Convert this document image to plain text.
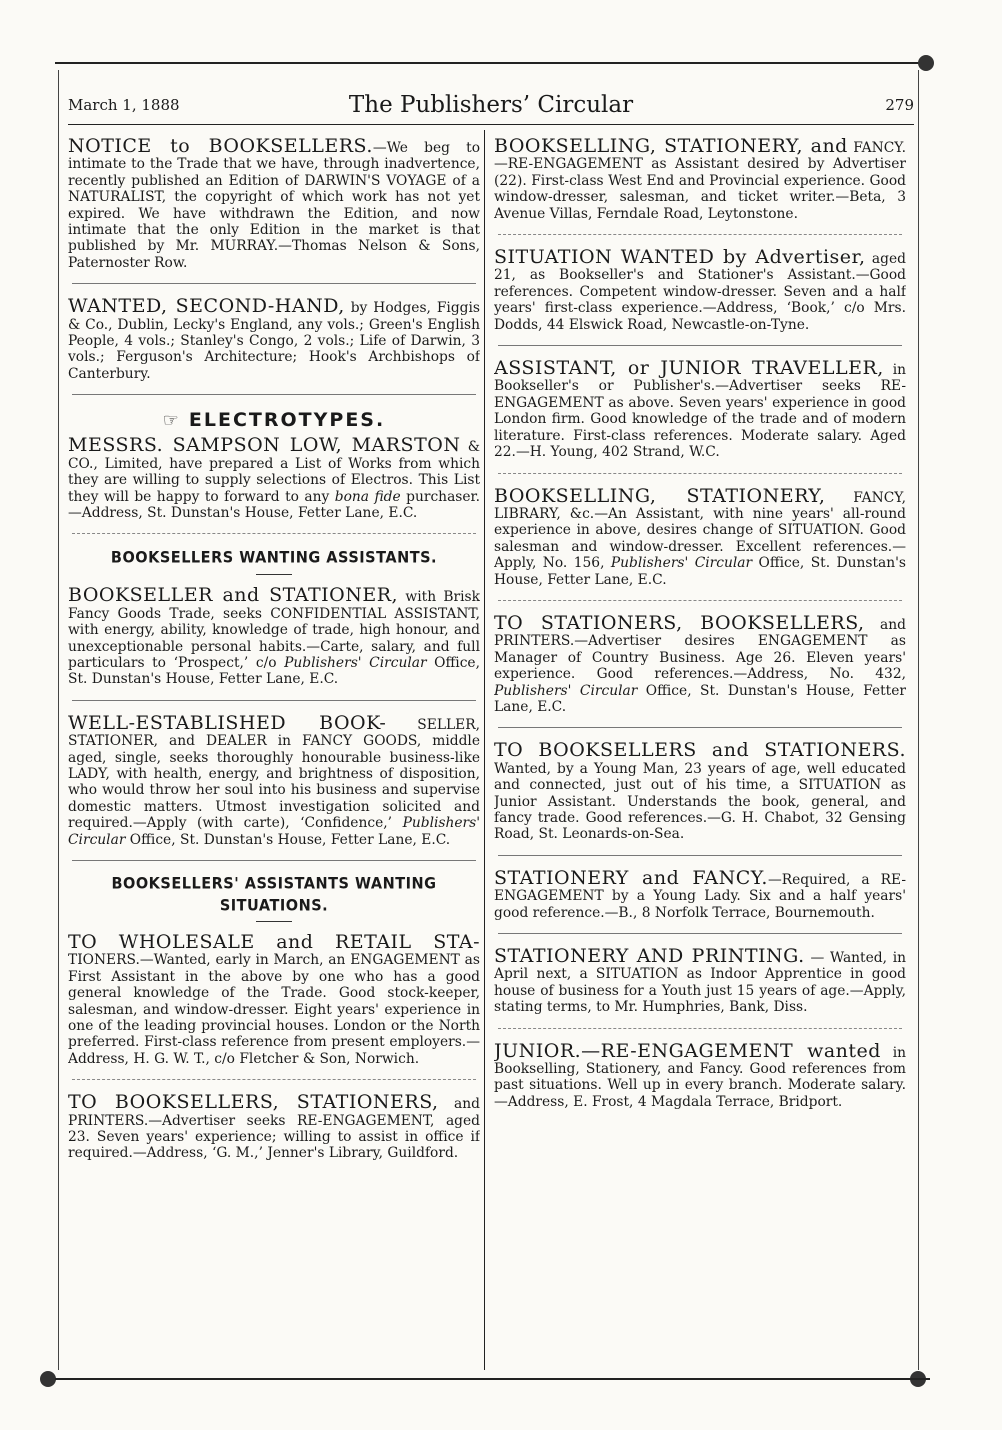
March 1, 1888	The Publishers’ Circular	279

NOTICE to BOOKSELLERS.—We beg to intimate to the Trade that we have, through inadvertence, recently published an Edition of DARWIN'S VOYAGE of a NATURALIST, the copyright of which work has not yet expired. We have withdrawn the Edition, and now intimate that the only Edition in the market is that published by Mr. MURRAY.—Thomas Nelson & Sons, Paternoster Row.

WANTED, SECOND-HAND, by Hodges, Figgis & Co., Dublin, Lecky's England, any vols.; Green's English People, 4 vols.; Stanley's Congo, 2 vols.; Life of Darwin, 3 vols.; Ferguson's Architecture; Hook's Archbishops of Canterbury.

☞ ELECTROTYPES.

MESSRS. SAMPSON LOW, MARSTON & CO., Limited, have prepared a List of Works from which they are willing to supply selections of Electros. This List they will be happy to forward to any bona fide purchaser.—Address, St. Dunstan's House, Fetter Lane, E.C.

BOOKSELLERS WANTING ASSISTANTS.

BOOKSELLER and STATIONER, with Brisk Fancy Goods Trade, seeks CONFIDENTIAL ASSISTANT, with energy, ability, knowledge of trade, high honour, and unexceptionable personal habits.—Carte, salary, and full particulars to ‘Prospect,’ c/o Publishers' Circular Office, St. Dunstan's House, Fetter Lane, E.C.

WELL-ESTABLISHED BOOK- SELLER, STATIONER, and DEALER in FANCY GOODS, middle aged, single, seeks thoroughly honourable business-like LADY, with health, energy, and brightness of disposition, who would throw her soul into his business and supervise domestic matters. Utmost investigation solicited and required.—Apply (with carte), ‘Confidence,’ Publishers' Circular Office, St. Dunstan's House, Fetter Lane, E.C.

BOOKSELLERS' ASSISTANTS WANTING
SITUATIONS.

TO WHOLESALE and RETAIL STA- TIONERS.—Wanted, early in March, an ENGAGEMENT as First Assistant in the above by one who has a good general knowledge of the Trade. Good stock-keeper, salesman, and window-dresser. Eight years' experience in one of the leading provincial houses. London or the North preferred. First-class reference from present employers.—Address, H. G. W. T., c/o Fletcher & Son, Norwich.

TO BOOKSELLERS, STATIONERS, and PRINTERS.—Advertiser seeks RE-ENGAGEMENT, aged 23. Seven years' experience; willing to assist in office if required.—Address, ‘G. M.,’ Jenner's Library, Guildford.

BOOKSELLING, STATIONERY, and FANCY.—RE-ENGAGEMENT as Assistant desired by Advertiser (22). First-class West End and Provincial experience. Good window-dresser, salesman, and ticket writer.—Beta, 3 Avenue Villas, Ferndale Road, Leytonstone.

SITUATION WANTED by Advertiser, aged 21, as Bookseller's and Stationer's Assistant.—Good references. Competent window-dresser. Seven and a half years' first-class experience.—Address, ‘Book,’ c/o Mrs. Dodds, 44 Elswick Road, Newcastle-on-Tyne.

ASSISTANT, or JUNIOR TRAVELLER, in Bookseller's or Publisher's.—Advertiser seeks RE-ENGAGEMENT as above. Seven years' experience in good London firm. Good knowledge of the trade and of modern literature. First-class references. Moderate salary. Aged 22.—H. Young, 402 Strand, W.C.

BOOKSELLING, STATIONERY, FANCY, LIBRARY, &c.—An Assistant, with nine years' all-round experience in above, desires change of SITUATION. Good salesman and window-dresser. Excellent references.—Apply, No. 156, Publishers' Circular Office, St. Dunstan's House, Fetter Lane, E.C.

TO STATIONERS, BOOKSELLERS, and PRINTERS.—Advertiser desires ENGAGEMENT as Manager of Country Business. Age 26. Eleven years' experience. Good references.—Address, No. 432, Publishers' Circular Office, St. Dunstan's House, Fetter Lane, E.C.

TO BOOKSELLERS and STATIONERS. Wanted, by a Young Man, 23 years of age, well educated and connected, just out of his time, a SITUATION as Junior Assistant. Understands the book, general, and fancy trade. Good references.—G. H. Chabot, 32 Gensing Road, St. Leonards-on-Sea.

STATIONERY and FANCY.—Required, a RE-ENGAGEMENT by a Young Lady. Six and a half years' good reference.—B., 8 Norfolk Terrace, Bournemouth.

STATIONERY AND PRINTING. — Wanted, in April next, a SITUATION as Indoor Apprentice in good house of business for a Youth just 15 years of age.—Apply, stating terms, to Mr. Humphries, Bank, Diss.

JUNIOR.—RE-ENGAGEMENT wanted in Bookselling, Stationery, and Fancy. Good references from past situations. Well up in every branch. Moderate salary.—Address, E. Frost, 4 Magdala Terrace, Bridport.
